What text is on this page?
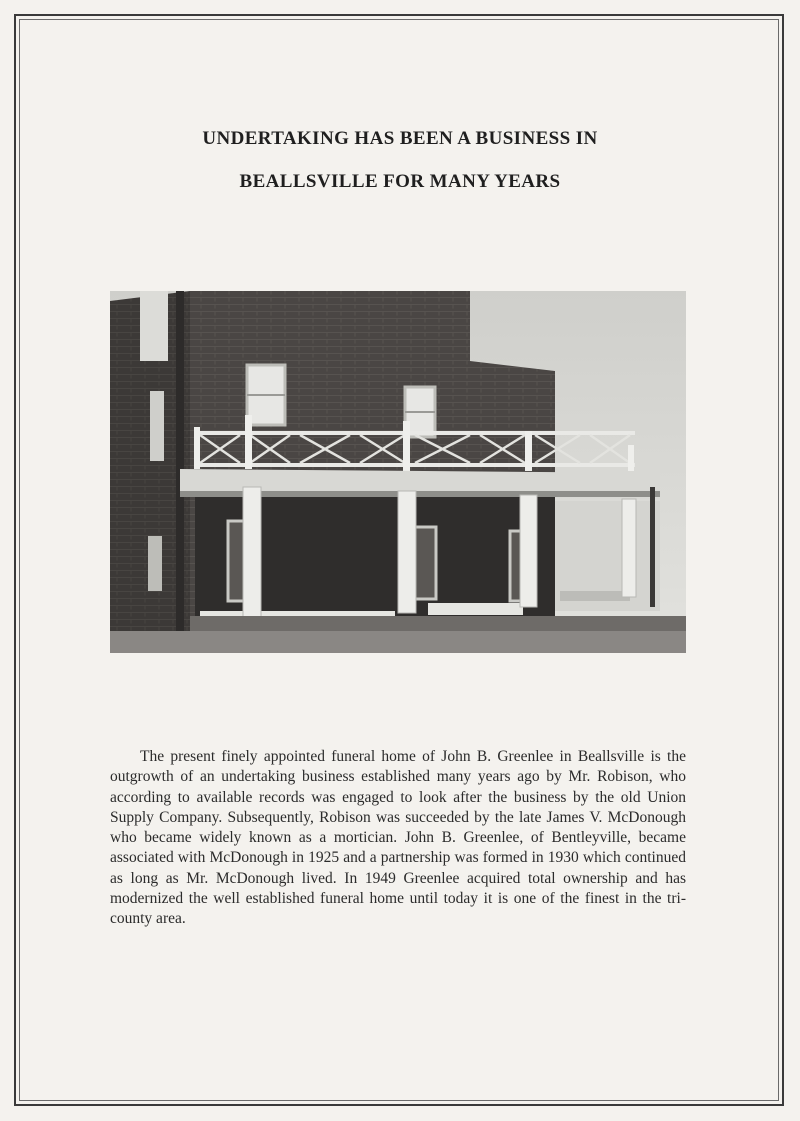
UNDERTAKING HAS BEEN A BUSINESS IN
BEALLSVILLE FOR MANY YEARS
The present finely appointed funeral home of John B. Greenlee in Beallsville is the outgrowth of an undertaking business established many years ago by Mr. Robison, who according to available records was engaged to look after the business by the old Union Supply Company. Subsequently, Robison was succeeded by the late James V. McDonough who became widely known as a mortician. John B. Greenlee, of Bentleyville, became associated with McDonough in 1925 and a partnership was formed in 1930 which continued as long as Mr. McDonough lived. In 1949 Greenlee acquired total ownership and has modernized the well established funeral home until today it is one of the finest in the tri-county area.
